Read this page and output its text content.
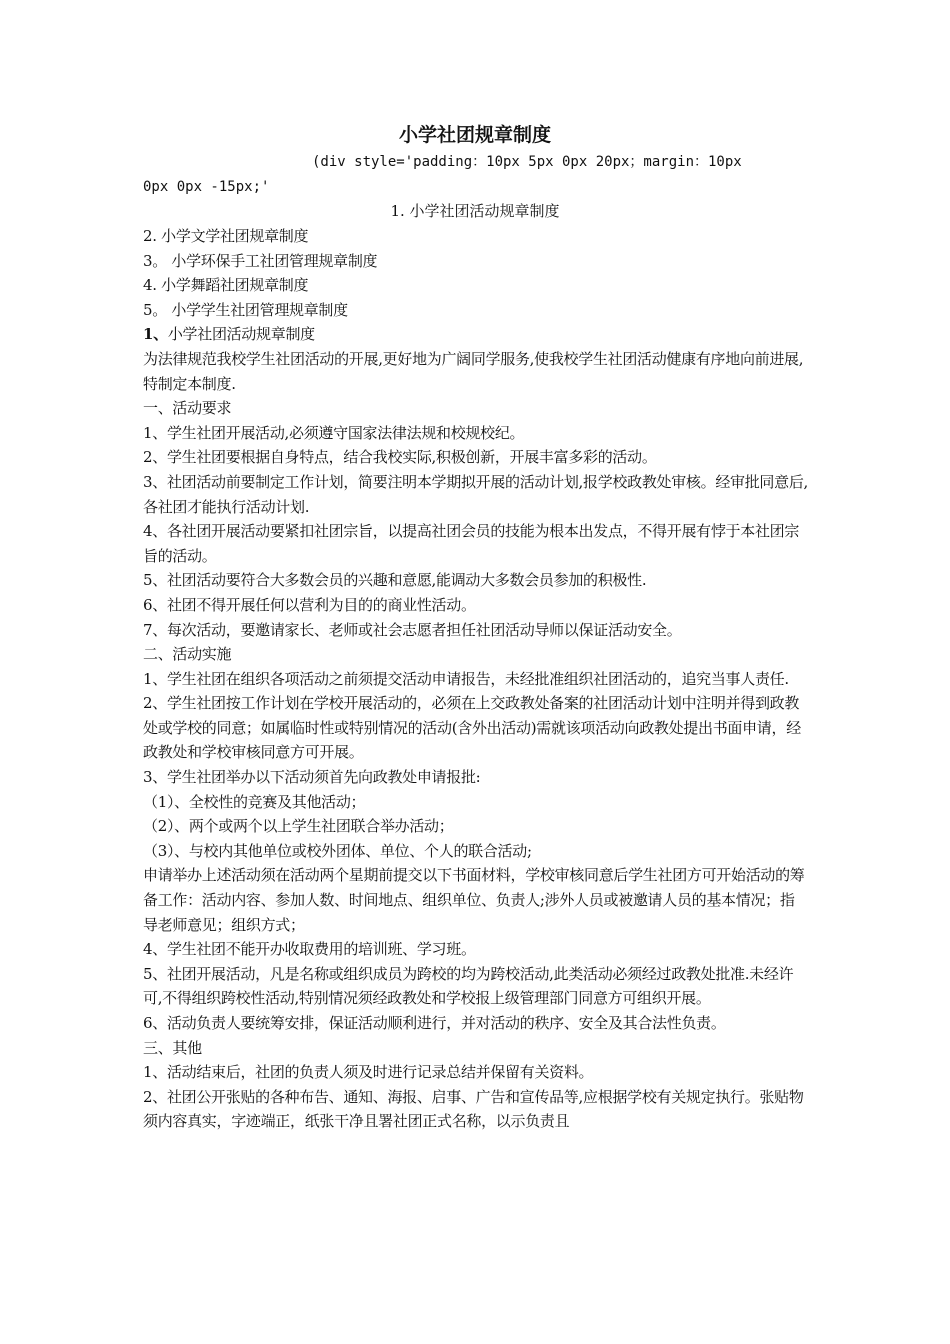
小学社团规章制度
(div style='padding：10px 5px 0px 20px；margin：10px
0px 0px -15px;'
1. 小学社团活动规章制度

2. 小学文学社团规章制度

3。 小学环保手工社团管理规章制度

4. 小学舞蹈社团规章制度

5。 小学学生社团管理规章制度

1、小学社团活动规章制度

为法律规范我校学生社团活动的开展,更好地为广阔同学服务,使我校学生社团活动健康有序地向前进展,特制定本制度.

一、活动要求

1、学生社团开展活动,必须遵守国家法律法规和校规校纪。

2、学生社团要根据自身特点，结合我校实际,积极创新，开展丰富多彩的活动。

3、社团活动前要制定工作计划，简要注明本学期拟开展的活动计划,报学校政教处审核。经审批同意后,各社团才能执行活动计划.

4、各社团开展活动要紧扣社团宗旨，以提高社团会员的技能为根本出发点，不得开展有悖于本社团宗旨的活动。

5、社团活动要符合大多数会员的兴趣和意愿,能调动大多数会员参加的积极性.

6、社团不得开展任何以营利为目的的商业性活动。

7、每次活动，要邀请家长、老师或社会志愿者担任社团活动导师以保证活动安全。

二、活动实施

1、学生社团在组织各项活动之前须提交活动申请报告，未经批准组织社团活动的，追究当事人责任.

2、学生社团按工作计划在学校开展活动的，必须在上交政教处备案的社团活动计划中注明并得到政教处或学校的同意；如属临时性或特别情况的活动(含外出活动)需就该项活动向政教处提出书面申请，经政教处和学校审核同意方可开展。

3、学生社团举办以下活动须首先向政教处申请报批:

（1）、全校性的竞赛及其他活动；

（2）、两个或两个以上学生社团联合举办活动；

（3）、与校内其他单位或校外团体、单位、个人的联合活动;

申请举办上述活动须在活动两个星期前提交以下书面材料，学校审核同意后学生社团方可开始活动的筹备工作：活动内容、参加人数、时间地点、组织单位、负责人;涉外人员或被邀请人员的基本情况；指导老师意见；组织方式；

4、学生社团不能开办收取费用的培训班、学习班。

5、社团开展活动，凡是名称或组织成员为跨校的均为跨校活动,此类活动必须经过政教处批准.未经许可,不得组织跨校性活动,特别情况须经政教处和学校报上级管理部门同意方可组织开展。

6、活动负责人要统筹安排，保证活动顺利进行，并对活动的秩序、安全及其合法性负责。

三、其他

1、活动结束后，社团的负责人须及时进行记录总结并保留有关资料。

2、社团公开张贴的各种布告、通知、海报、启事、广告和宣传品等,应根据学校有关规定执行。张贴物须内容真实，字迹端正，纸张干净且署社团正式名称，以示负责且
